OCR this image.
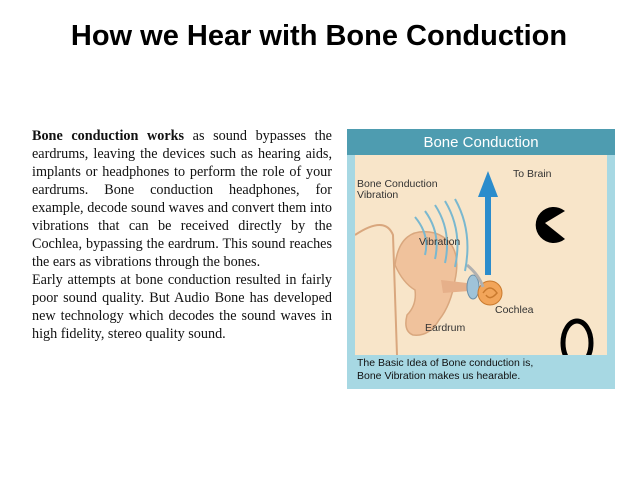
How we Hear with Bone Conduction

Bone conduction works as sound bypasses the eardrums, leaving the devices such as hearing aids, implants or headphones to perform the role of your eardrums. Bone conduction headphones, for example, decode sound waves and convert them into vibrations that can be received directly by the Cochlea, bypassing the eardrum. This sound reaches the ears as vibrations through the bones.

Early attempts at bone conduction resulted in fairly poor sound quality. But Audio Bone has developed new technology which decodes the sound waves in high fidelity, stereo quality sound.

Bone Conduction
Bone Conduction
Vibration
To Brain
Vibration
Cochlea
Eardrum
The Basic Idea of Bone conduction is,
Bone Vibration makes us hearable.
